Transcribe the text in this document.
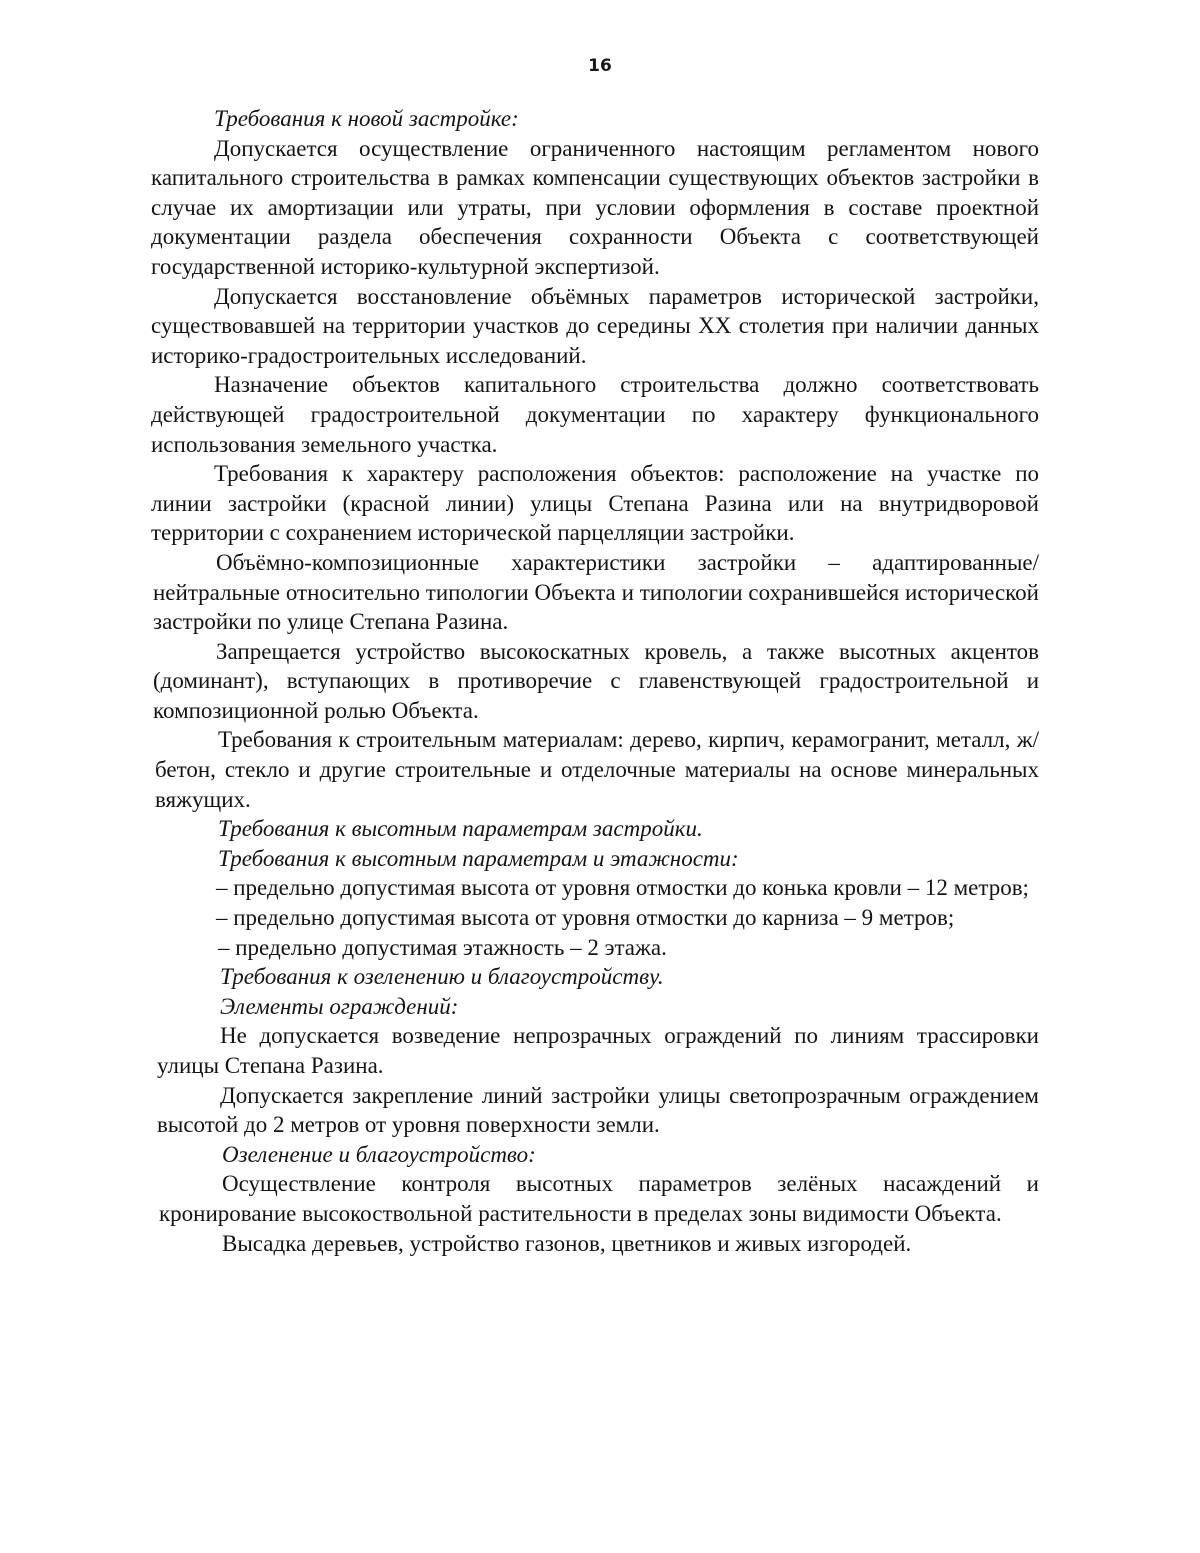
16

Требования к новой застройке:

Допускается осуществление ограниченного настоящим регламентом нового капитального строительства в рамках компенсации существующих объектов застройки в случае их амортизации или утраты, при условии оформления в составе проектной документации раздела обеспечения сохранности Объекта с соответствующей государственной историко-культурной экспертизой.

Допускается восстановление объёмных параметров исторической застройки, существовавшей на территории участков до середины XX столетия при наличии данных историко-градостроительных исследований.

Назначение объектов капитального строительства должно соответствовать действующей градостроительной документации по характеру функционального использования земельного участка.

Требования к характеру расположения объектов: расположение на участке по линии застройки (красной линии) улицы Степана Разина или на внутридворовой территории с сохранением исторической парцелляции застройки.

Объёмно-композиционные характеристики застройки – адаптированные/ нейтральные относительно типологии Объекта и типологии сохранившейся исторической застройки по улице Степана Разина.

Запрещается устройство высокоскатных кровель, а также высотных акцентов (доминант), вступающих в противоречие с главенствующей градостроительной и композиционной ролью Объекта.

Требования к строительным материалам: дерево, кирпич, керамогранит, металл, ж/бетон, стекло и другие строительные и отделочные материалы на основе минеральных вяжущих.

Требования к высотным параметрам застройки.

Требования к высотным параметрам и этажности:

– предельно допустимая высота от уровня отмостки до конька кровли – 12 метров;

– предельно допустимая высота от уровня отмостки до карниза – 9 метров;

– предельно допустимая этажность – 2 этажа.

Требования к озеленению и благоустройству.

Элементы ограждений:

Не допускается возведение непрозрачных ограждений по линиям трассировки улицы Степана Разина.

Допускается закрепление линий застройки улицы светопрозрачным ограждением высотой до 2 метров от уровня поверхности земли.

Озеленение и благоустройство:

Осуществление контроля высотных параметров зелёных насаждений и кронирование высокоствольной растительности в пределах зоны видимости Объекта.

Высадка деревьев, устройство газонов, цветников и живых изгородей.
